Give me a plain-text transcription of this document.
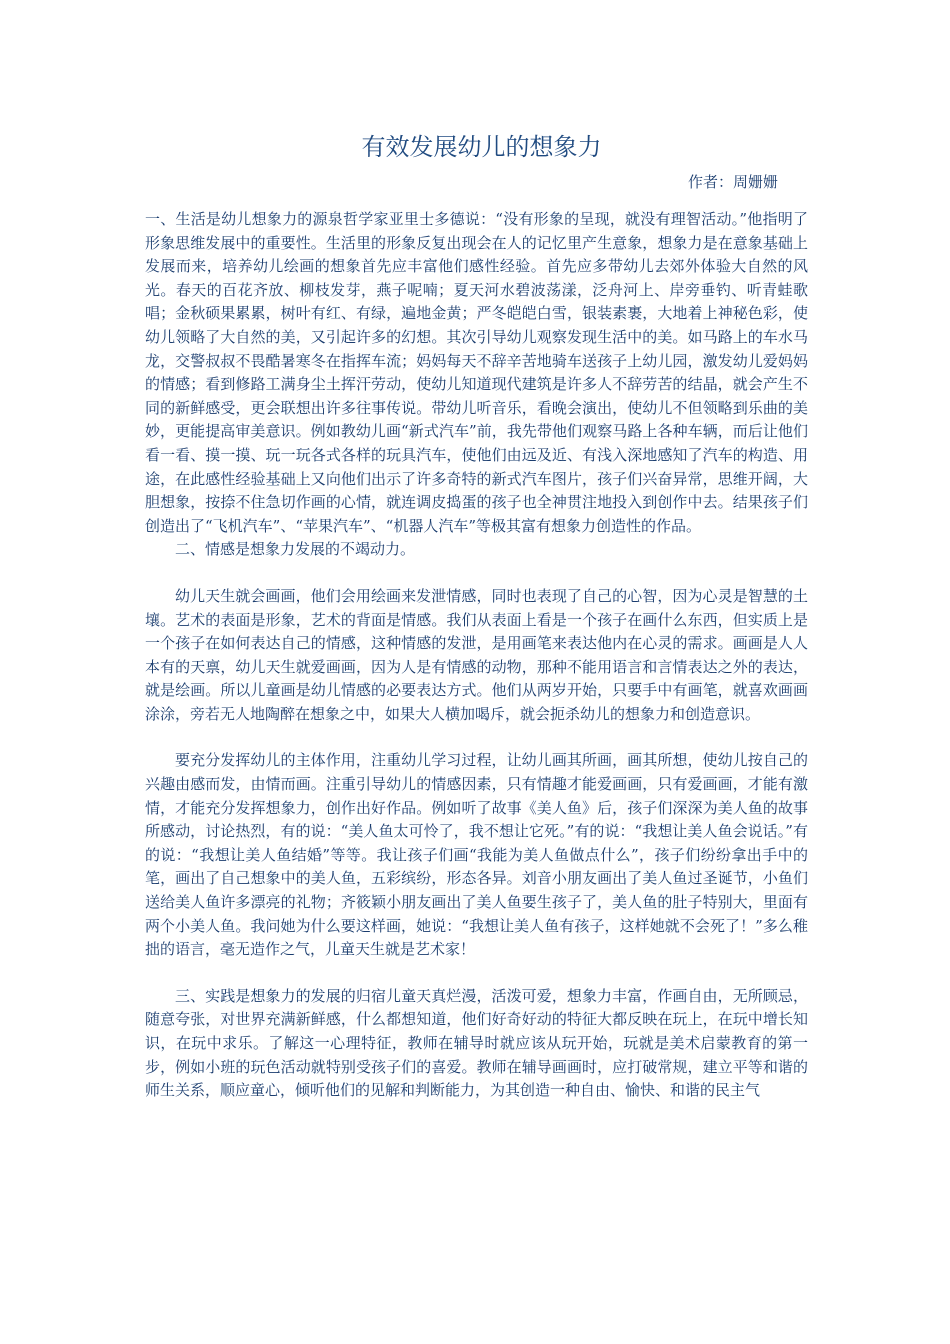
有效发展幼儿的想象力
作者：周姗姗

一、生活是幼儿想象力的源泉哲学家亚里士多德说：“没有形象的呈现，就没有理智活动。”他指明了形象思维发展中的重要性。生活里的形象反复出现会在人的记忆里产生意象，想象力是在意象基础上发展而来，培养幼儿绘画的想象首先应丰富他们感性经验。首先应多带幼儿去郊外体验大自然的风光。春天的百花齐放、柳枝发芽，燕子呢喃；夏天河水碧波荡漾，泛舟河上、岸旁垂钓、听青蛙歌唱；金秋硕果累累，树叶有红、有绿，遍地金黄；严冬皑皑白雪，银装素裹，大地着上神秘色彩，使幼儿领略了大自然的美，又引起许多的幻想。其次引导幼儿观察发现生活中的美。如马路上的车水马龙，交警叔叔不畏酷暑寒冬在指挥车流；妈妈每天不辞辛苦地骑车送孩子上幼儿园，激发幼儿爱妈妈的情感；看到修路工满身尘土挥汗劳动，使幼儿知道现代建筑是许多人不辞劳苦的结晶，就会产生不同的新鲜感受，更会联想出许多往事传说。带幼儿听音乐，看晚会演出，使幼儿不但领略到乐曲的美妙，更能提高审美意识。例如教幼儿画“新式汽车”前，我先带他们观察马路上各种车辆，而后让他们看一看、摸一摸、玩一玩各式各样的玩具汽车，使他们由远及近、有浅入深地感知了汽车的构造、用途，在此感性经验基础上又向他们出示了许多奇特的新式汽车图片，孩子们兴奋异常，思维开阔，大胆想象，按捺不住急切作画的心情，就连调皮捣蛋的孩子也全神贯注地投入到创作中去。结果孩子们创造出了“飞机汽车”、“苹果汽车”、“机器人汽车”等极其富有想象力创造性的作品。

二、情感是想象力发展的不竭动力。

幼儿天生就会画画，他们会用绘画来发泄情感，同时也表现了自己的心智，因为心灵是智慧的土壤。艺术的表面是形象，艺术的背面是情感。我们从表面上看是一个孩子在画什么东西，但实质上是一个孩子在如何表达自己的情感，这种情感的发泄，是用画笔来表达他内在心灵的需求。画画是人人本有的天禀，幼儿天生就爱画画，因为人是有情感的动物，那种不能用语言和言情表达之外的表达，就是绘画。所以儿童画是幼儿情感的必要表达方式。他们从两岁开始，只要手中有画笔，就喜欢画画涂涂，旁若无人地陶醉在想象之中，如果大人横加喝斥，就会扼杀幼儿的想象力和创造意识。

要充分发挥幼儿的主体作用，注重幼儿学习过程，让幼儿画其所画，画其所想，使幼儿按自己的兴趣由感而发，由情而画。注重引导幼儿的情感因素，只有情趣才能爱画画，只有爱画画，才能有激情，才能充分发挥想象力，创作出好作品。例如听了故事《美人鱼》后，孩子们深深为美人鱼的故事所感动，讨论热烈，有的说：“美人鱼太可怜了，我不想让它死。”有的说：“我想让美人鱼会说话。”有的说：“我想让美人鱼结婚”等等。我让孩子们画“我能为美人鱼做点什么”，孩子们纷纷拿出手中的笔，画出了自己想象中的美人鱼，五彩缤纷，形态各异。刘音小朋友画出了美人鱼过圣诞节，小鱼们送给美人鱼许多漂亮的礼物；齐筱颖小朋友画出了美人鱼要生孩子了，美人鱼的肚子特别大，里面有两个小美人鱼。我问她为什么要这样画，她说：“我想让美人鱼有孩子，这样她就不会死了！”多么稚拙的语言，毫无造作之气，儿童天生就是艺术家！

三、实践是想象力的发展的归宿儿童天真烂漫，活泼可爱，想象力丰富，作画自由，无所顾忌，随意夸张，对世界充满新鲜感，什么都想知道，他们好奇好动的特征大都反映在玩上，在玩中增长知识，在玩中求乐。了解这一心理特征，教师在辅导时就应该从玩开始，玩就是美术启蒙教育的第一步，例如小班的玩色活动就特别受孩子们的喜爱。教师在辅导画画时，应打破常规，建立平等和谐的师生关系，顺应童心，倾听他们的见解和判断能力，为其创造一种自由、愉快、和谐的民主气
